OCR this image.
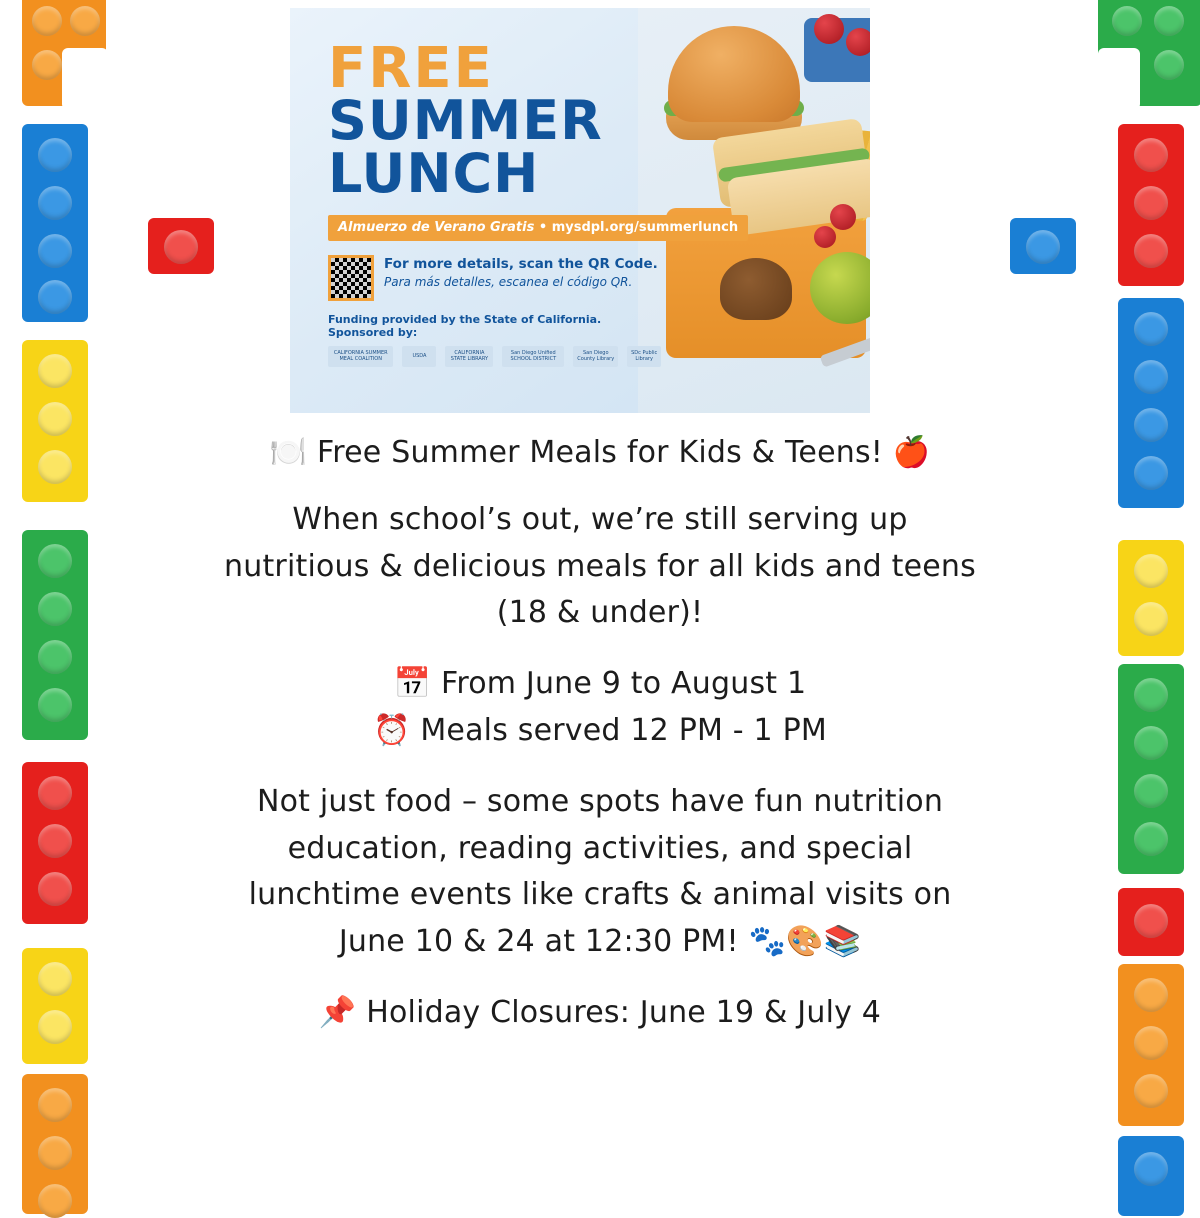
FREE
SUMMER
LUNCH
Almuerzo de Verano Gratis • mysdpl.org/summerlunch
For more details, scan the QR Code.
Para más detalles, escanea el código QR.
Funding provided by the State of California. Sponsored by:
CALIFORNIA SUMMER MEAL COALITION	USDA	CALIFORNIA STATE LIBRARY
San Diego Unified SCHOOL DISTRICT
San Diego County Library
SDc Public Library
🍽️ Free Summer Meals for Kids & Teens! 🍎
When school’s out, we’re still serving up
nutritious & delicious meals for all kids and teens
(18 & under)!
📅 From June 9 to August 1
⏰ Meals served 12 PM - 1 PM
Not just food – some spots have fun nutrition
education, reading activities, and special
lunchtime events like crafts & animal visits on
June 10 & 24 at 12:30 PM! 🐾🎨📚
📌 Holiday Closures: June 19 & July 4
